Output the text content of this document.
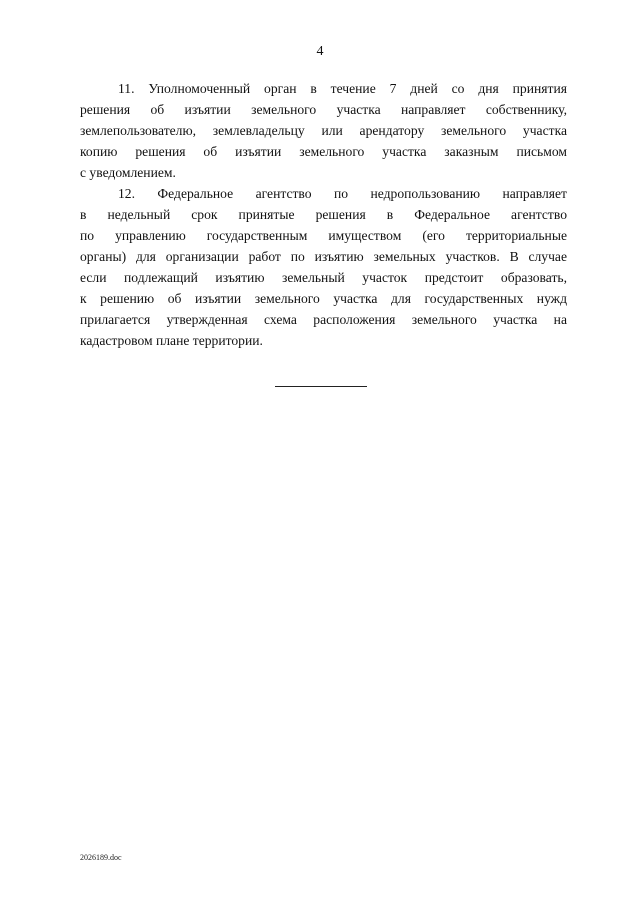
4
11. Уполномоченный орган в течение 7 дней со дня принятия
решения об изъятии земельного участка направляет собственнику,
землепользователю, землевладельцу или арендатору земельного участка
копию решения об изъятии земельного участка заказным письмом
с уведомлением.
12. Федеральное агентство по недропользованию направляет
в недельный срок принятые решения в Федеральное агентство
по управлению государственным имуществом (его территориальные
органы) для организации работ по изъятию земельных участков. В случае
если подлежащий изъятию земельный участок предстоит образовать,
к решению об изъятии земельного участка для государственных нужд
прилагается утвержденная схема расположения земельного участка на
кадастровом плане территории.
2026189.doc
